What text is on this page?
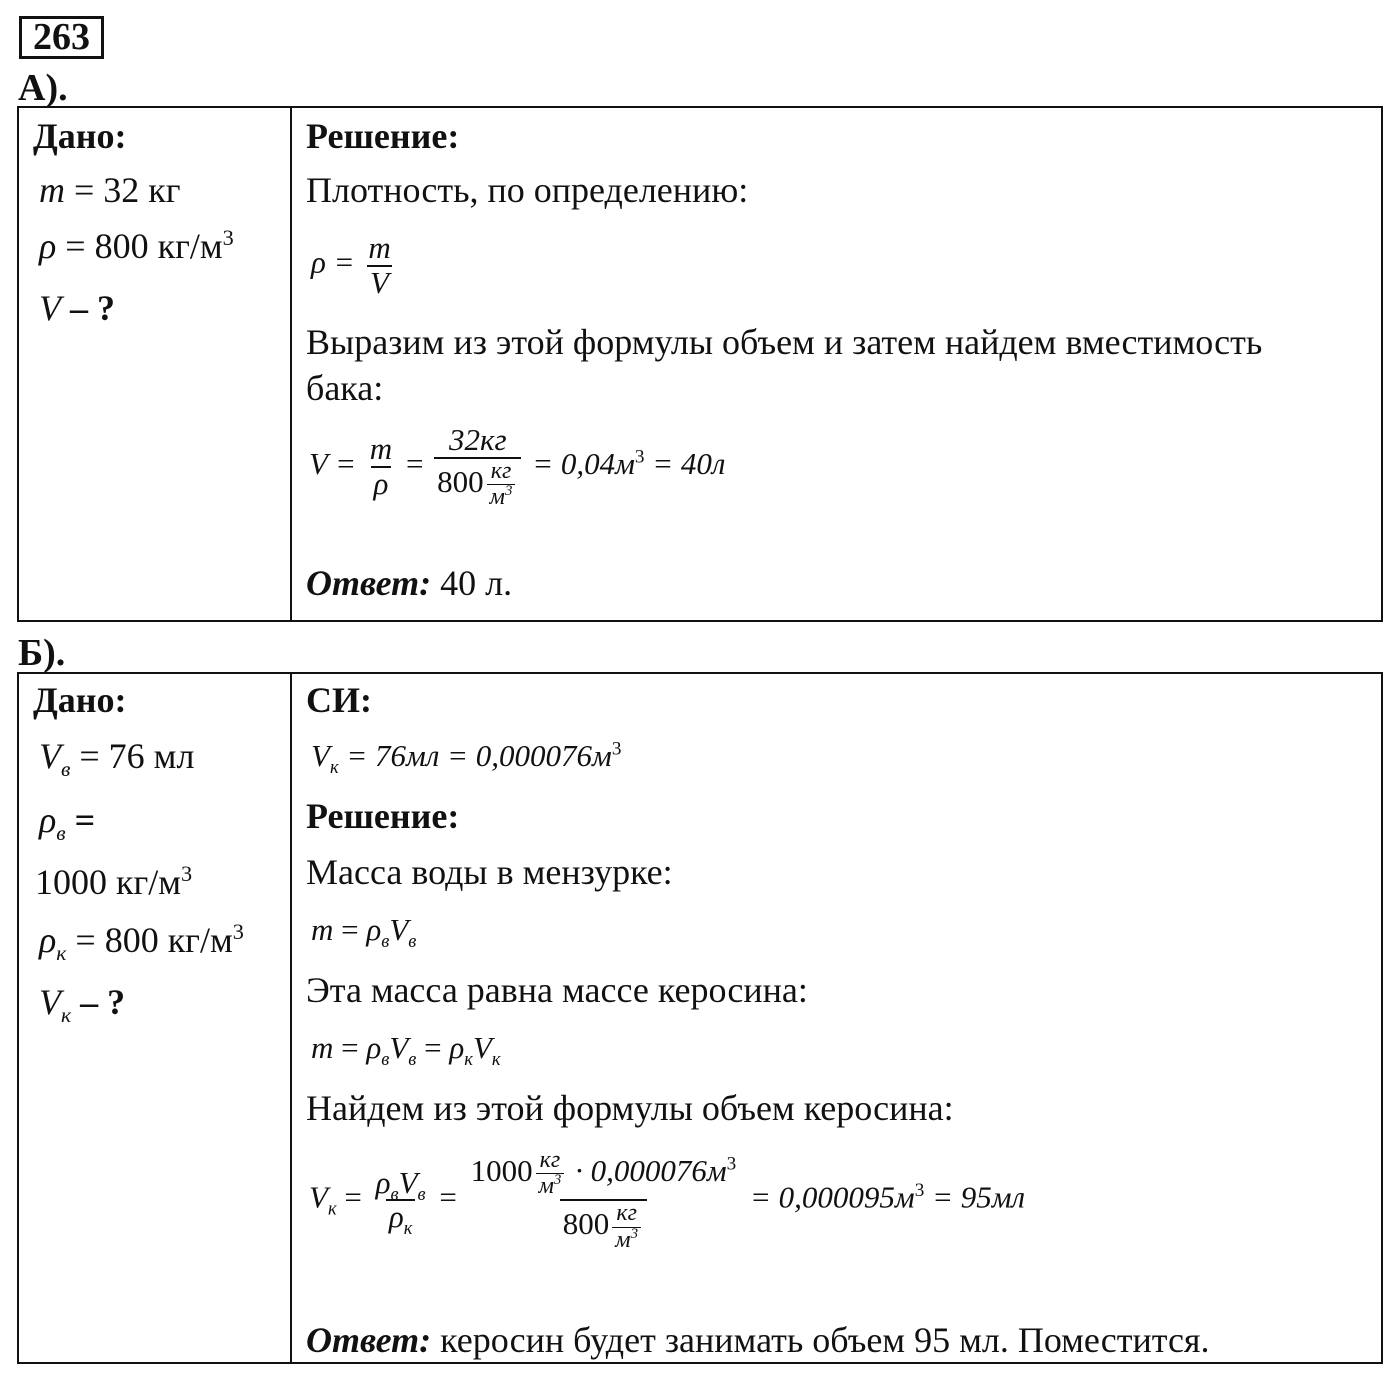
263
А).
Дано:
m = 32 кг
ρ = 800 $кг/м^3$
V – ?
Решение:
Плотность, по определению:
$\rho = \frac{m}{V}$
Выразим из этой формулы объем и затем найдем вместимость
бака:
$V = \frac{m}{\rho} = \frac{32кг}{800 \frac{кг}{м^3}} = 0,04м^3 = 40л$
Ответ: 40 л.
Б).
Дано:
$V_в = 76$ мл
$\rho_в$ =
1000 $кг/м^3$
$\rho_к = 800$ $кг/м^3$
$V_к$ – ?
СИ:
$V_к = 76мл = 0,000076м^3$
Решение:
Масса воды в мензурке:
$m = \rho_вV_в$
Эта масса равна массе керосина:
$m = \rho_вV_в = \rho_кV_к$
Найдем из этой формулы объем керосина:
$V_к = \frac{\rho_вV_в}{\rho_к} = \frac{1000 \frac{кг}{м^3} \cdot 0,000076м^3}{800 \frac{кг}{м^3}} = 0,000095м^3 = 95мл$
Ответ: керосин будет занимать объем 95 мл. Поместится.
